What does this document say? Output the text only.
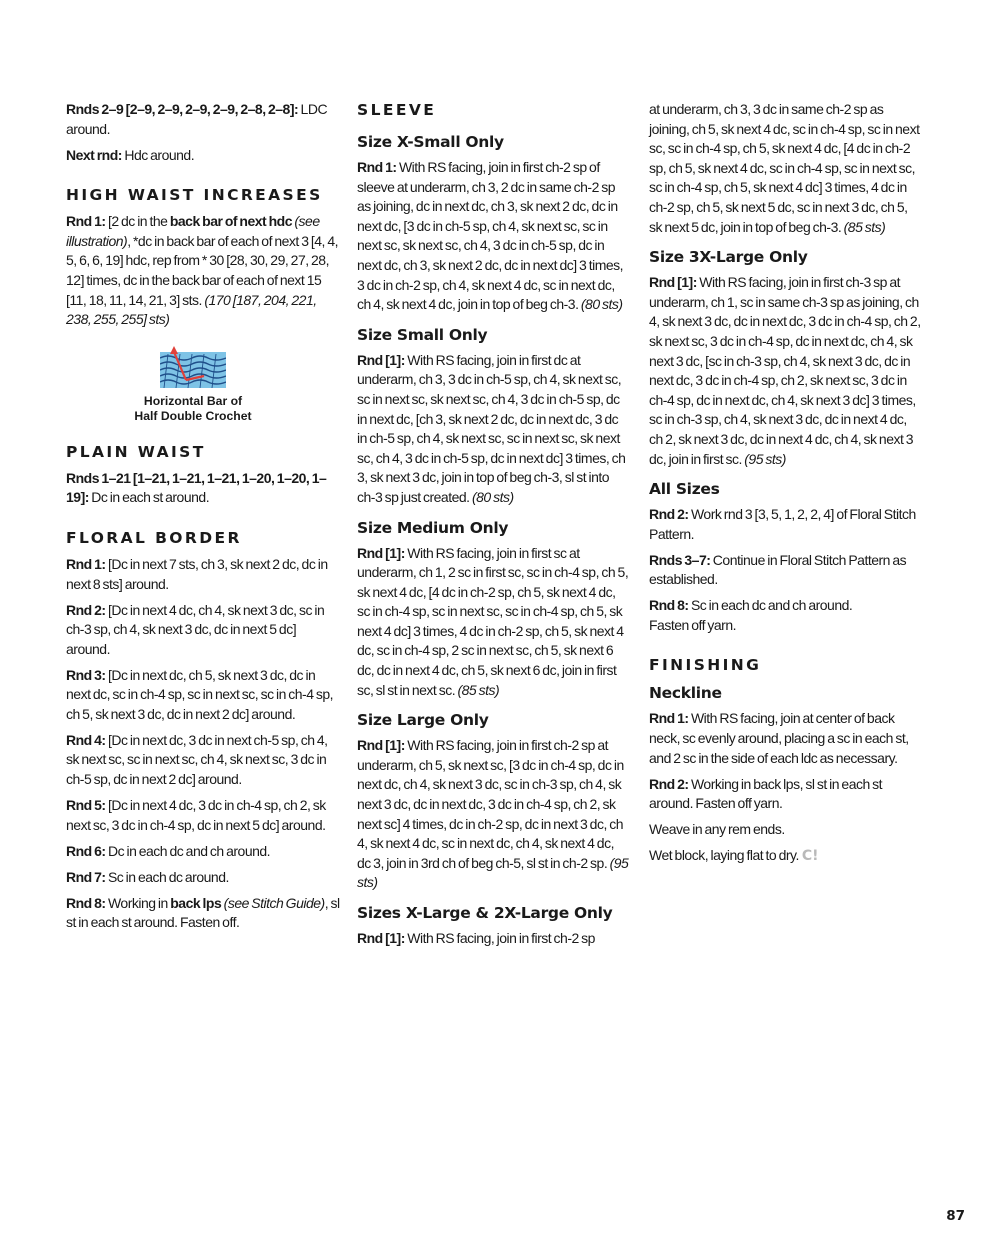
Rnds 2–9 [2–9, 2–9, 2–9, 2–9, 2–8, 2–8]: LDC around.

Next rnd: Hdc around.

HIGH WAIST INCREASES

Rnd 1: [2 dc in the back bar of next hdc (see illustration), *dc in back bar of each of next 3 [4, 4, 5, 6, 6, 19] hdc, rep from * 30 [28, 30, 29, 27, 28, 12] times, dc in the back bar of each of next 15 [11, 18, 11, 14, 21, 3] sts. (170 [187, 204, 221, 238, 255, 255] sts)

Horizontal Bar of
Half Double Crochet
PLAIN WAIST

Rnds 1–21 [1–21, 1–21, 1–21, 1–20, 1–20, 1–19]: Dc in each st around.

FLORAL BORDER

Rnd 1: [Dc in next 7 sts, ch 3, sk next 2 dc, dc in next 8 sts] around.

Rnd 2: [Dc in next 4 dc, ch 4, sk next 3 dc, sc in ch-3 sp, ch 4, sk next 3 dc, dc in next 5 dc] around.

Rnd 3: [Dc in next dc, ch 5, sk next 3 dc, dc in next dc, sc in ch-4 sp, sc in next sc, sc in ch-4 sp, ch 5, sk next 3 dc, dc in next 2 dc] around.

Rnd 4: [Dc in next dc, 3 dc in next ch-5 sp, ch 4, sk next sc, sc in next sc, ch 4, sk next sc, 3 dc in ch-5 sp, dc in next 2 dc] around.

Rnd 5: [Dc in next 4 dc, 3 dc in ch-4 sp, ch 2, sk next sc, 3 dc in ch-4 sp, dc in next 5 dc] around.

Rnd 6: Dc in each dc and ch around.

Rnd 7: Sc in each dc around.

Rnd 8: Working in back lps (see Stitch Guide), sl st in each st around. Fasten off.

SLEEVE
Size X-Small Only

Rnd 1: With RS facing, join in first ch-2 sp of sleeve at underarm, ch 3, 2 dc in same ch-2 sp as joining, dc in next dc, ch 3, sk next 2 dc, dc in next dc, [3 dc in ch-5 sp, ch 4, sk next sc, sc in next sc, sk next sc, ch 4, 3 dc in ch-5 sp, dc in next dc, ch 3, sk next 2 dc, dc in next dc] 3 times, 3 dc in ch-2 sp, ch 4, sk next 4 dc, sc in next dc, ch 4, sk next 4 dc, join in top of beg ch-3. (80 sts)

Size Small Only

Rnd [1]: With RS facing, join in first dc at underarm, ch 3, 3 dc in ch-5 sp, ch 4, sk next sc, sc in next sc, sk next sc, ch 4, 3 dc in ch-5 sp, dc in next dc, [ch 3, sk next 2 dc, dc in next dc, 3 dc in ch-5 sp, ch 4, sk next sc, sc in next sc, sk next sc, ch 4, 3 dc in ch-5 sp, dc in next dc] 3 times, ch 3, sk next 3 dc, join in top of beg ch-3, sl st into ch-3 sp just created. (80 sts)

Size Medium Only

Rnd [1]: With RS facing, join in first sc at underarm, ch 1, 2 sc in first sc, sc in ch-4 sp, ch 5, sk next 4 dc, [4 dc in ch-2 sp, ch 5, sk next 4 dc, sc in ch-4 sp, sc in next sc, sc in ch-4 sp, ch 5, sk next 4 dc] 3 times, 4 dc in ch-2 sp, ch 5, sk next 4 dc, sc in ch-4 sp, 2 sc in next sc, ch 5, sk next 6 dc, dc in next 4 dc, ch 5, sk next 6 dc, join in first sc, sl st in next sc. (85 sts)

Size Large Only

Rnd [1]: With RS facing, join in first ch-2 sp at underarm, ch 5, sk next sc, [3 dc in ch-4 sp, dc in next dc, ch 4, sk next 3 dc, sc in ch-3 sp, ch 4, sk next 3 dc, dc in next dc, 3 dc in ch-4 sp, ch 2, sk next sc] 4 times, dc in ch-2 sp, dc in next 3 dc, ch 4, sk next 4 dc, sc in next dc, ch 4, sk next 4 dc, dc 3, join in 3rd ch of beg ch-5, sl st in ch-2 sp. (95 sts)

Sizes X-Large & 2X-Large Only

Rnd [1]: With RS facing, join in first ch-2 sp

at underarm, ch 3, 3 dc in same ch-2 sp as joining, ch 5, sk next 4 dc, sc in ch-4 sp, sc in next sc, sc in ch-4 sp, ch 5, sk next 4 dc, [4 dc in ch-2 sp, ch 5, sk next 4 dc, sc in ch-4 sp, sc in next sc, sc in ch-4 sp, ch 5, sk next 4 dc] 3 times, 4 dc in ch-2 sp, ch 5, sk next 5 dc, sc in next 3 dc, ch 5, sk next 5 dc, join in top of beg ch-3. (85 sts)

Size 3X-Large Only

Rnd [1]: With RS facing, join in first ch-3 sp at underarm, ch 1, sc in same ch-3 sp as joining, ch 4, sk next 3 dc, dc in next dc, 3 dc in ch-4 sp, ch 2, sk next sc, 3 dc in ch-4 sp, dc in next dc, ch 4, sk next 3 dc, [sc in ch-3 sp, ch 4, sk next 3 dc, dc in next dc, 3 dc in ch-4 sp, ch 2, sk next sc, 3 dc in ch-4 sp, dc in next dc, ch 4, sk next 3 dc] 3 times, sc in ch-3 sp, ch 4, sk next 3 dc, dc in next 4 dc, ch 2, sk next 3 dc, dc in next 4 dc, ch 4, sk next 3 dc, join in first sc. (95 sts)

All Sizes

Rnd 2: Work rnd 3 [3, 5, 1, 2, 2, 4] of Floral Stitch Pattern.

Rnds 3–7: Continue in Floral Stitch Pattern as established.

Rnd 8: Sc in each dc and ch around.
Fasten off yarn.

FINISHING
Neckline

Rnd 1: With RS facing, join at center of back neck, sc evenly around, placing a sc in each st, and 2 sc in the side of each ldc as necessary.

Rnd 2: Working in back lps, sl st in each st around. Fasten off yarn.

Weave in any rem ends.

Wet block, laying flat to dry. C!

87
